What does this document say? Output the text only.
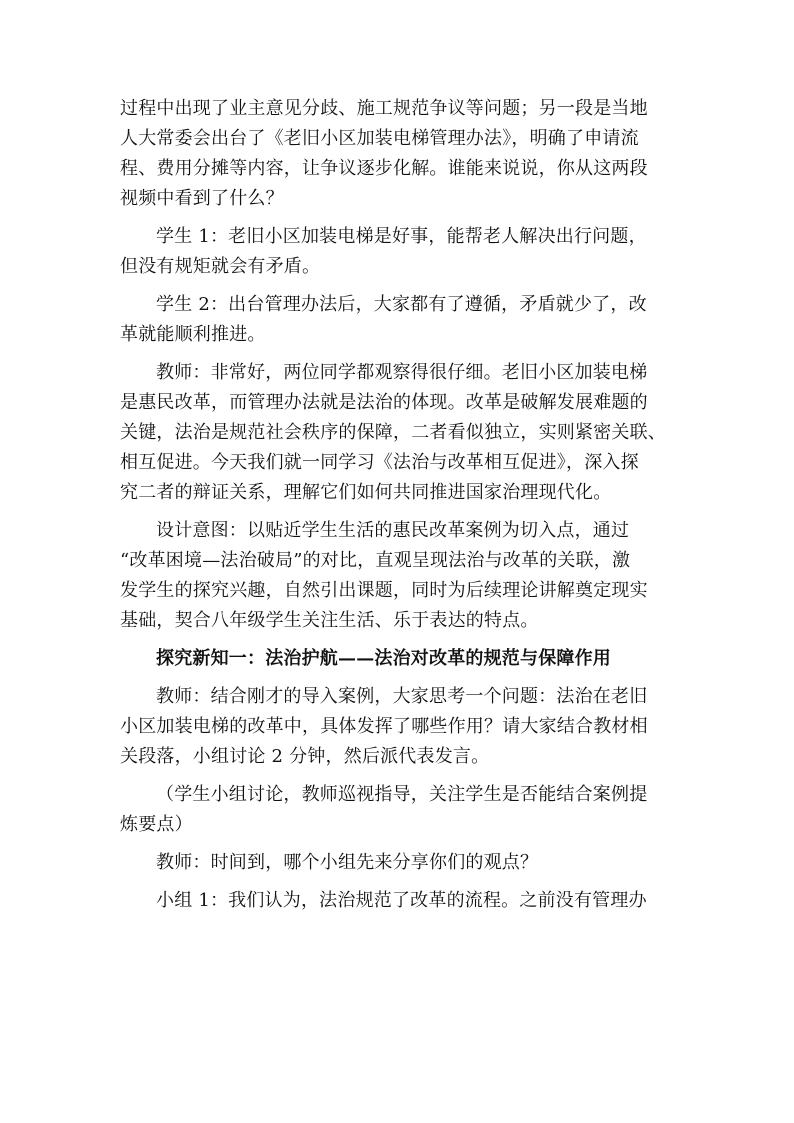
过程中出现了业主意见分歧、施工规范争议等问题；另一段是当地
人大常委会出台了《老旧小区加装电梯管理办法》，明确了申请流
程、费用分摊等内容，让争议逐步化解。谁能来说说，你从这两段
视频中看到了什么？
学生 1：老旧小区加装电梯是好事，能帮老人解决出行问题，
但没有规矩就会有矛盾。
学生 2：出台管理办法后，大家都有了遵循，矛盾就少了，改
革就能顺利推进。
教师：非常好，两位同学都观察得很仔细。老旧小区加装电梯
是惠民改革，而管理办法就是法治的体现。改革是破解发展难题的
关键，法治是规范社会秩序的保障，二者看似独立，实则紧密关联、
相互促进。今天我们就一同学习《法治与改革相互促进》，深入探
究二者的辩证关系，理解它们如何共同推进国家治理现代化。
设计意图：以贴近学生生活的惠民改革案例为切入点，通过
“改革困境—法治破局”的对比，直观呈现法治与改革的关联，激
发学生的探究兴趣，自然引出课题，同时为后续理论讲解奠定现实
基础，契合八年级学生关注生活、乐于表达的特点。
探究新知一：法治护航——法治对改革的规范与保障作用
教师：结合刚才的导入案例，大家思考一个问题：法治在老旧
小区加装电梯的改革中，具体发挥了哪些作用？请大家结合教材相
关段落，小组讨论 2 分钟，然后派代表发言。
（学生小组讨论，教师巡视指导，关注学生是否能结合案例提
炼要点）
教师：时间到，哪个小组先来分享你们的观点？
小组 1：我们认为，法治规范了改革的流程。之前没有管理办
